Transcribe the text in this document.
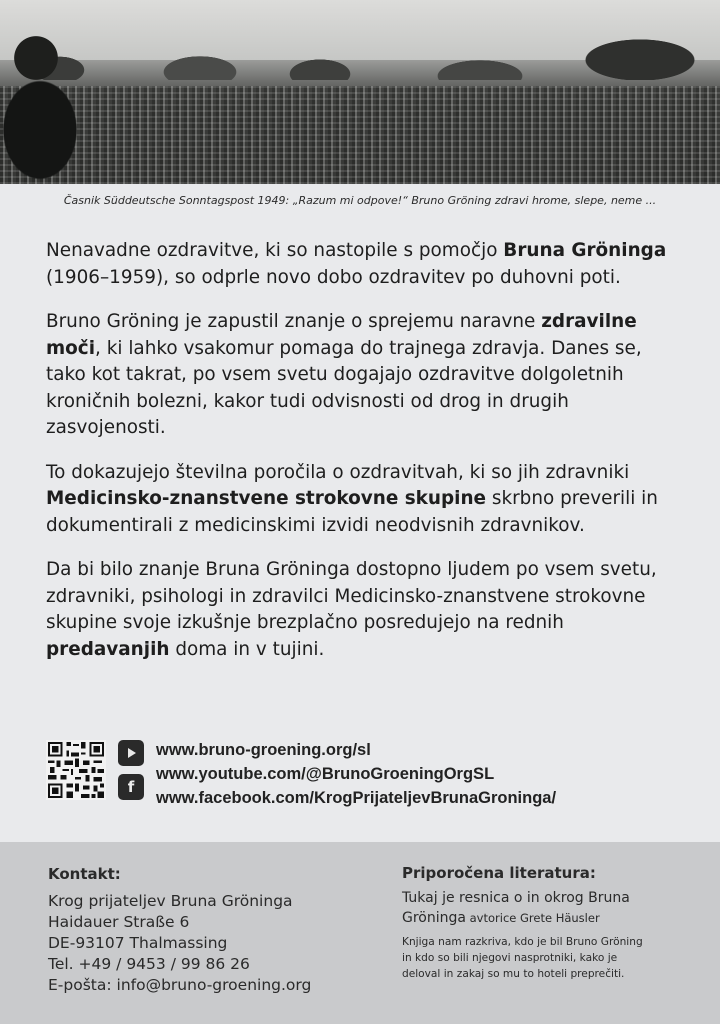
Časnik Süddeutsche Sonntagspost 1949: „Razum mi odpove!“ Bruno Gröning zdravi hrome, slepe, neme ...

Nenavadne ozdravitve, ki so nastopile s pomočjo Bruna Gröninga (1906–1959), so odprle novo dobo ozdravitev po duhovni poti.

Bruno Gröning je zapustil znanje o sprejemu naravne zdravilne moči, ki lahko vsakomur pomaga do trajnega zdravja. Danes se, tako kot takrat, po vsem svetu dogajajo ozdravitve dolgoletnih kroničnih bolezni, kakor tudi odvisnosti od drog in drugih zasvojenosti.

To dokazujejo številna poročila o ozdravitvah, ki so jih zdravniki Medicinsko-znanstvene strokovne skupine skrbno preverili in dokumentirali z medicinskimi izvidi neodvisnih zdravnikov.

Da bi bilo znanje Bruna Gröninga dostopno ljudem po vsem svetu, zdravniki, psihologi in zdravilci Medicinsko-znanstvene strokovne skupine svoje izkušnje brezplačno posredujejo na rednih predavanjih doma in v tujini.

f
www.bruno-groening.org/sl
www.youtube.com/@BrunoGroeningOrgSL
www.facebook.com/KrogPrijateljevBrunaGroninga/
Kontakt:
Krog prijateljev Bruna Gröninga
Haidauer Straße 6
DE-93107 Thalmassing
Tel. +49 / 9453 / 99 86 26
E-pošta: info@bruno-groening.org
Priporočena literatura:
Tukaj je resnica o in okrog Bruna
Gröninga avtorice Grete Häusler
Knjiga nam razkriva, kdo je bil Bruno Gröning
in kdo so bili njegovi nasprotniki, kako je
deloval in zakaj so mu to hoteli preprečiti.
